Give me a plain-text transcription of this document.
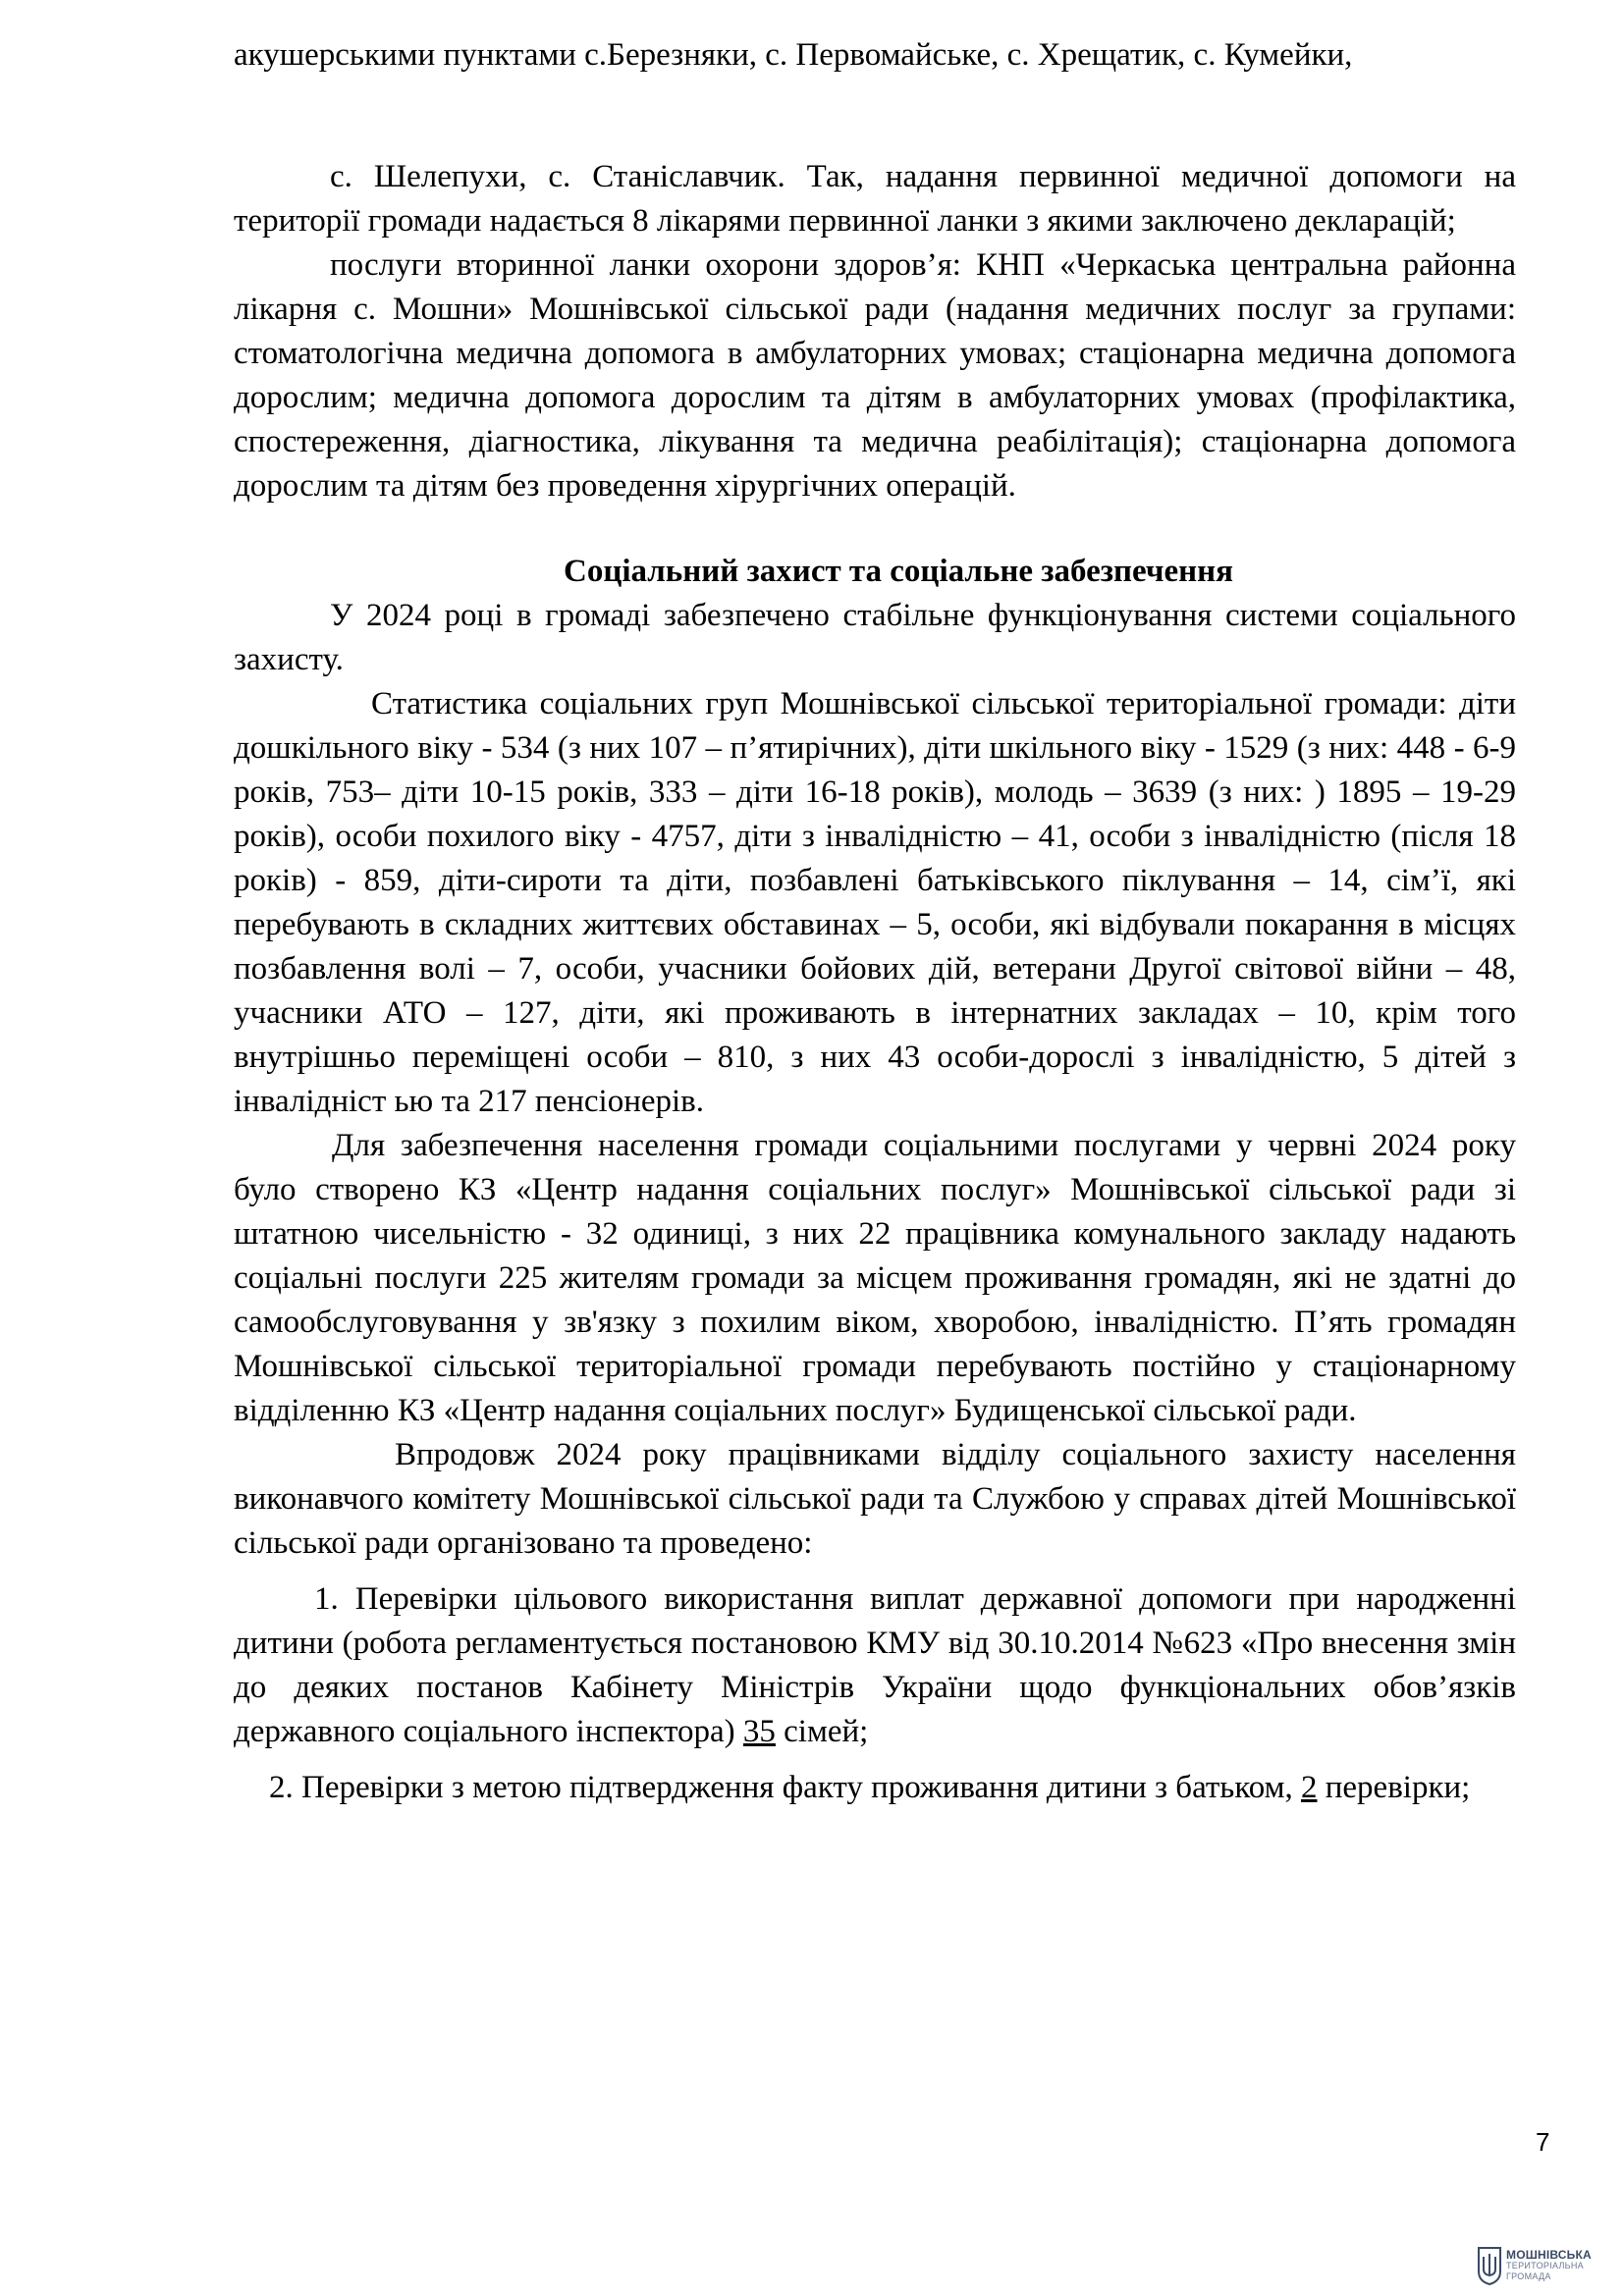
акушерськими пунктами с.Березняки, с. Первомайське, с. Хрещатик, с. Кумейки,

с. Шелепухи, с. Станіславчик. Так, надання первинної медичної допомоги на території громади надається 8 лікарями первинної ланки з якими заключено декларацій;

послуги вторинної ланки охорони здоров’я: КНП «Черкаська центральна районна лікарня с. Мошни» Мошнівської сільської ради (надання медичних послуг за групами: стоматологічна медична допомога в амбулаторних умовах; стаціонарна медична допомога дорослим; медична допомога дорослим та дітям в амбулаторних умовах (профілактика, спостереження, діагностика, лікування та медична реабілітація); стаціонарна допомога дорослим та дітям без проведення хірургічних операцій.

Соціальний захист та соціальне забезпечення

У 2024 році в громаді забезпечено стабільне функціонування системи соціального захисту.

Статистика соціальних груп Мошнівської сільської територіальної громади: діти дошкільного віку - 534 (з них 107 – п’ятирічних), діти шкільного віку - 1529 (з них: 448 - 6-9 років, 753– діти 10-15 років, 333 – діти 16-18 років), молодь – 3639 (з них: ) 1895 – 19-29 років), особи похилого віку - 4757, діти з інвалідністю – 41, особи з інвалідністю (після 18 років) - 859, діти-сироти та діти, позбавлені батьківського піклування – 14, сім’ї, які перебувають в складних життєвих обставинах – 5, особи, які відбували покарання в місцях позбавлення волі – 7, особи, учасники бойових дій, ветерани Другої світової війни – 48, учасники АТО – 127, діти, які проживають в інтернатних закладах – 10, крім того внутрішньо переміщені особи – 810, з них 43 особи-дорослі з інвалідністю, 5 дітей з інвалідніст ью та 217 пенсіонерів.

Для забезпечення населення громади соціальними послугами у червні 2024 року було створено КЗ «Центр надання соціальних послуг» Мошнівської сільської ради зі штатною чисельністю - 32 одиниці, з них 22 працівника комунального закладу надають соціальні послуги 225 жителям громади за місцем проживання громадян, які не здатні до самообслуговування у зв'язку з похилим віком, хворобою, інвалідністю. П’ять громадян Мошнівської сільської територіальної громади перебувають постійно у стаціонарному відділенню КЗ «Центр надання соціальних послуг» Будищенської сільської ради.

Впродовж 2024 року працівниками відділу соціального захисту населення виконавчого комітету Мошнівської сільської ради та Службою у справах дітей Мошнівської сільської ради організовано та проведено:

1. Перевірки цільового використання виплат державної допомоги при народженні дитини (робота регламентується постановою КМУ від 30.10.2014 №623 «Про внесення змін до деяких постанов Кабінету Міністрів України щодо функціональних обов’язків державного соціального інспектора) 35 сімей;

2. Перевірки з метою підтвердження факту проживання дитини з батьком, 2 перевірки;

7
МОШНІВСЬКА
ТЕРИТОРІАЛЬНА
ГРОМАДА
